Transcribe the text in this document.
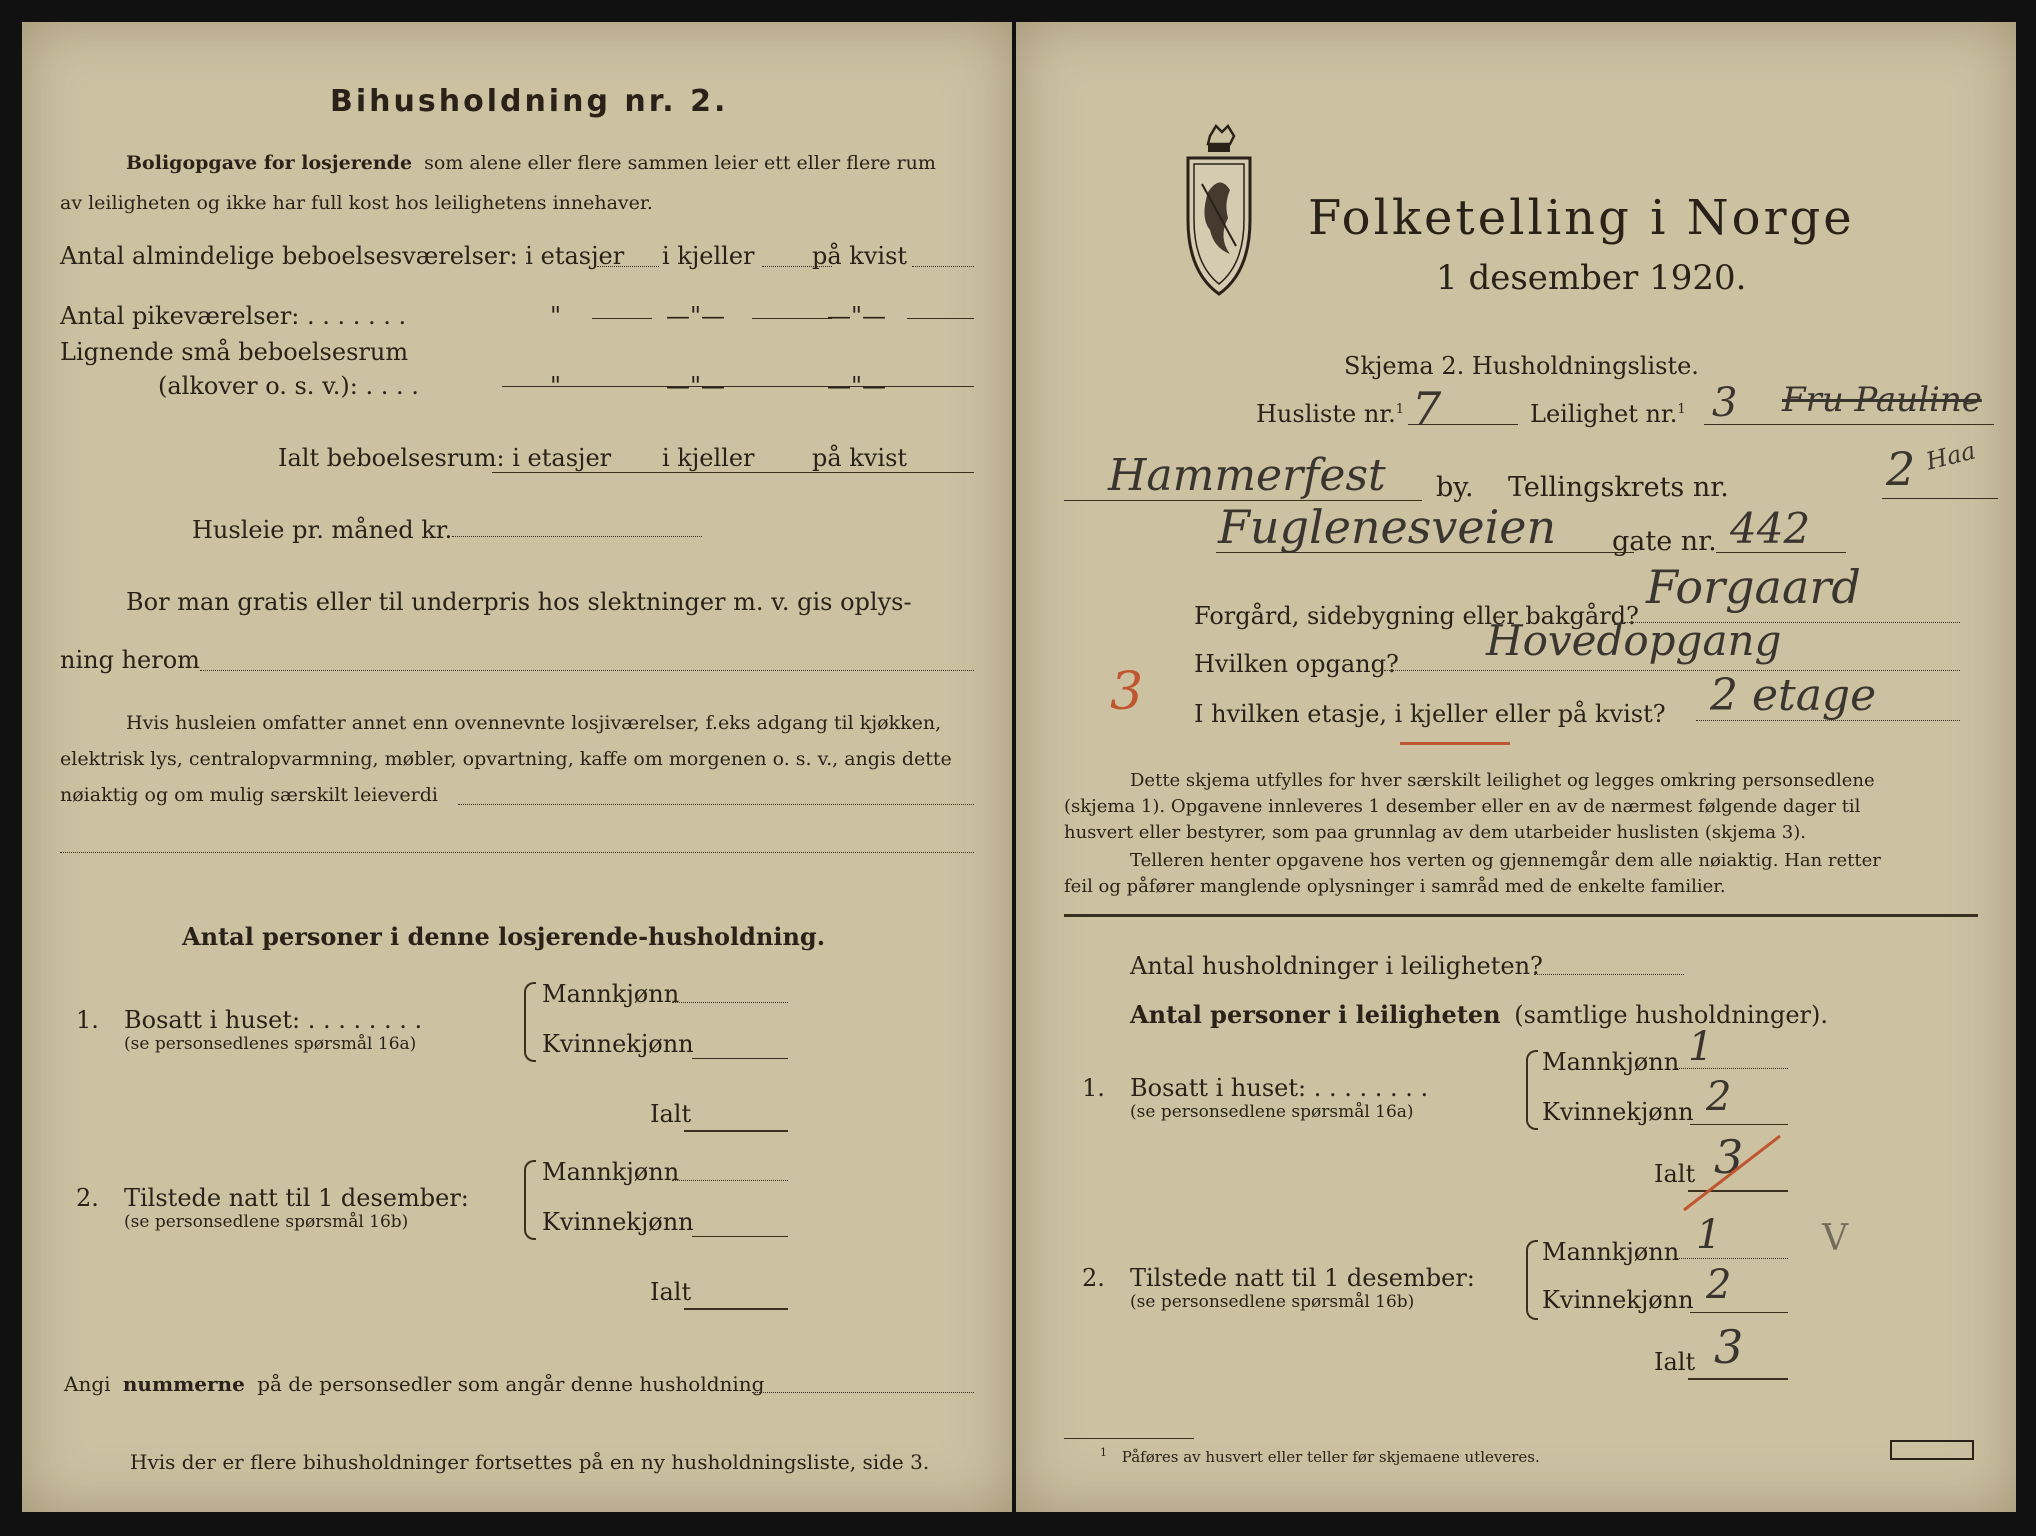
Bihusholdning nr. 2.
Boligopgave for losjerende som alene eller flere sammen leier ett eller flere rum
av leiligheten og ikke har full kost hos leilighetens innehaver.
Antal almindelige beboelsesværelser: i etasjer i kjeller på kvist
Antal pikeværelser: . . . . . . .	"	—"—	—"—
Lignende små beboelsesrum
(alkover o. s. v.): . . . .	"	—"—	—"—
Ialt beboelsesrum: i etasjer i kjeller på kvist
Husleie pr. måned kr.
Bor man gratis eller til underpris hos slektninger m. v. gis oplys-
ning herom
Hvis husleien omfatter annet enn ovennevnte losjiværelser, f.eks adgang til kjøkken,
elektrisk lys, centralopvarmning, møbler, opvartning, kaffe om morgenen o. s. v., angis dette
nøiaktig og om mulig særskilt leieverdi
Antal personer i denne losjerende-husholdning.
1. Bosatt i huset: . . . . . . . .
(se personsedlenes spørsmål 16a)
Mannkjønn
Kvinnekjønn
Ialt
2. Tilstede natt til 1 desember:
(se personsedlene spørsmål 16b)
Mannkjønn
Kvinnekjønn
Ialt
Angi nummerne på de personsedler som angår denne husholdning
Hvis der er flere bihusholdninger fortsettes på en ny husholdningsliste, side 3.
Folketelling i Norge
1 desember 1920.
Skjema 2. Husholdningsliste.
Husliste nr.$^1$ 7	Leilighet nr.$^1$ 3 Fru Pauline
Hammerfest by. Tellingskrets nr.	2 Haa
Fuglenesveien gate nr. 442
Forgård, sidebygning eller bakgård?
Forgaard
Hvilken opgang? Hovedopgang
3 I hvilken etasje, i kjeller eller på kvist? 2 etage
Dette skjema utfylles for hver særskilt leilighet og legges omkring personsedlene
(skjema 1). Opgavene innleveres 1 desember eller en av de nærmest følgende dager til
husvert eller bestyrer, som paa grunnlag av dem utarbeider huslisten (skjema 3).
Telleren henter opgavene hos verten og gjennemgår dem alle nøiaktig. Han retter
feil og påfører manglende oplysninger i samråd med de enkelte familier.
Antal husholdninger i leiligheten?
Antal personer i leiligheten (samtlige husholdninger).
1. Bosatt i huset: . . . . . . . .
(se personsedlene spørsmål 16a)
Mannkjønn 1
Kvinnekjønn 2
Ialt 3
2. Tilstede natt til 1 desember:
(se personsedlene spørsmål 16b)
Mannkjønn 1
Kvinnekjønn 2
Ialt 3
V
$^1$ Påføres av husvert eller teller før skjemaene utleveres.
